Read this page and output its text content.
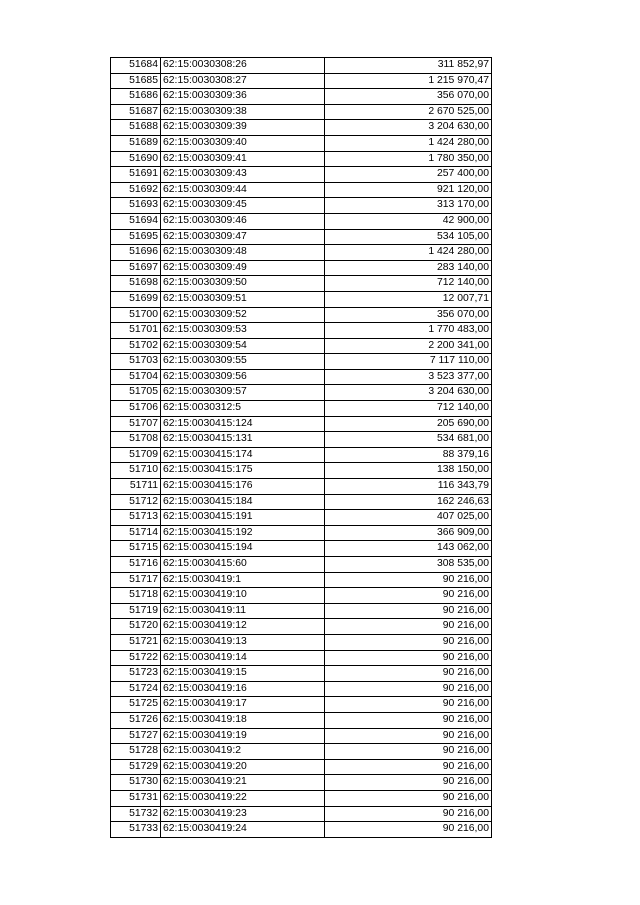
51684	62:15:0030308:26	311 852,97
51685	62:15:0030308:27	1 215 970,47
51686	62:15:0030309:36	356 070,00
51687	62:15:0030309:38	2 670 525,00
51688	62:15:0030309:39	3 204 630,00
51689	62:15:0030309:40	1 424 280,00
51690	62:15:0030309:41	1 780 350,00
51691	62:15:0030309:43	257 400,00
51692	62:15:0030309:44	921 120,00
51693	62:15:0030309:45	313 170,00
51694	62:15:0030309:46	42 900,00
51695	62:15:0030309:47	534 105,00
51696	62:15:0030309:48	1 424 280,00
51697	62:15:0030309:49	283 140,00
51698	62:15:0030309:50	712 140,00
51699	62:15:0030309:51	12 007,71
51700	62:15:0030309:52	356 070,00
51701	62:15:0030309:53	1 770 483,00
51702	62:15:0030309:54	2 200 341,00
51703	62:15:0030309:55	7 117 110,00
51704	62:15:0030309:56	3 523 377,00
51705	62:15:0030309:57	3 204 630,00
51706	62:15:0030312:5	712 140,00
51707	62:15:0030415:124	205 690,00
51708	62:15:0030415:131	534 681,00
51709	62:15:0030415:174	88 379,16
51710	62:15:0030415:175	138 150,00
51711	62:15:0030415:176	116 343,79
51712	62:15:0030415:184	162 246,63
51713	62:15:0030415:191	407 025,00
51714	62:15:0030415:192	366 909,00
51715	62:15:0030415:194	143 062,00
51716	62:15:0030415:60	308 535,00
51717	62:15:0030419:1	90 216,00
51718	62:15:0030419:10	90 216,00
51719	62:15:0030419:11	90 216,00
51720	62:15:0030419:12	90 216,00
51721	62:15:0030419:13	90 216,00
51722	62:15:0030419:14	90 216,00
51723	62:15:0030419:15	90 216,00
51724	62:15:0030419:16	90 216,00
51725	62:15:0030419:17	90 216,00
51726	62:15:0030419:18	90 216,00
51727	62:15:0030419:19	90 216,00
51728	62:15:0030419:2	90 216,00
51729	62:15:0030419:20	90 216,00
51730	62:15:0030419:21	90 216,00
51731	62:15:0030419:22	90 216,00
51732	62:15:0030419:23	90 216,00
51733	62:15:0030419:24	90 216,00
